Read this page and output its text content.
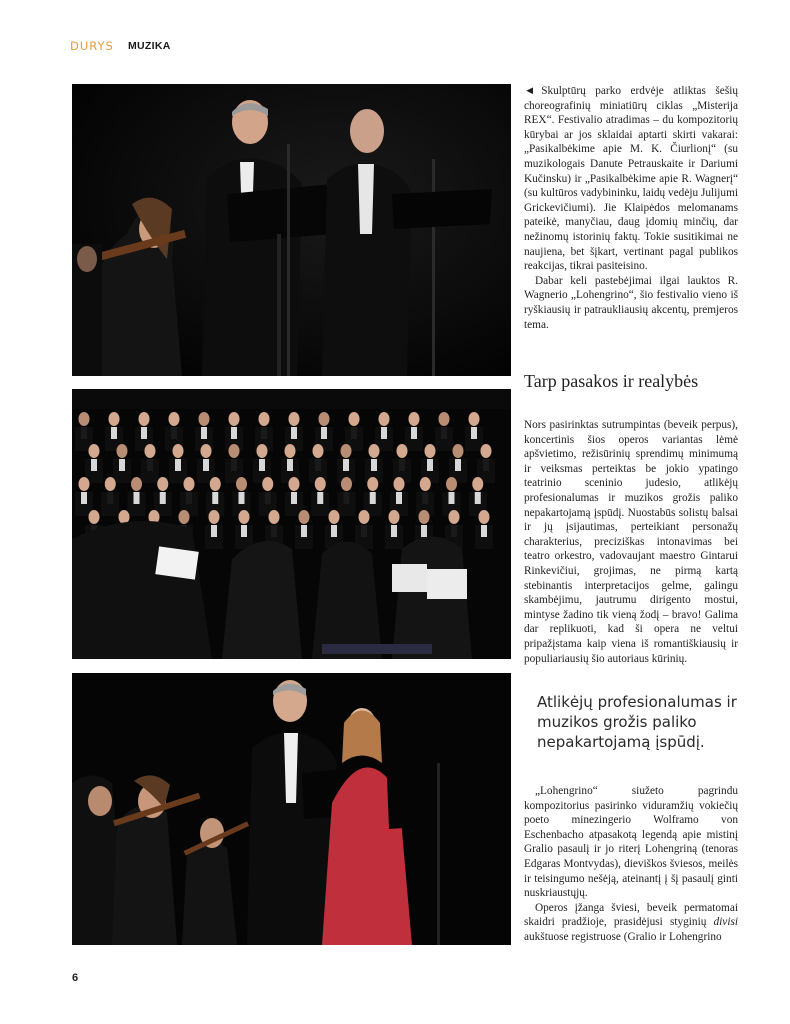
DURYS MUZIKA

◄ Skulptūrų parko erdvėje atliktas šešių choreografinių miniatiūrų ciklas „Misterija REX“. Festivalio atradimas – du kompozitorių kūrybai ar jos sklaidai aptarti skirti vakarai: „Pasikalbėkime apie M. K. Čiurlionį“ (su muzikologais Danute Petrauskaite ir Dariumi Kučinsku) ir „Pasikalbėkime apie R. Wagnerį“ (su kultūros vadybininku, laidų vedėju Julijumi Grickevičiumi). Jie Klaipėdos melomanams pateikė, manyčiau, daug įdomių minčių, dar nežinomų istorinių faktų. Tokie susitikimai ne naujiena, bet šįkart, vertinant pagal publikos reakcijas, tikrai pasiteisino.

Dabar keli pastebėjimai ilgai lauktos R. Wagnerio „Lohengrino“, šio festivalio vieno iš ryškiausių ir patraukliausių akcentų, premjeros tema.

Tarp pasakos ir realybės

Nors pasirinktas sutrumpintas (beveik perpus), koncertinis šios operos variantas lėmė apšvietimo, režisūrinių sprendimų minimumą ir veiksmas perteiktas be jokio ypatingo teatrinio sceninio judesio, atlikėjų profesionalumas ir muzikos grožis paliko nepakartojamą įspūdį. Nuostabūs solistų balsai ir jų įsijautimas, perteikiant personažų charakterius, preciziškas intonavimas bei teatro orkestro, vadovaujant maestro Gintarui Rinkevičiui, grojimas, ne pirmą kartą stebinantis interpretacijos gelme, galingu skambėjimu, jautrumu dirigento mostui, mintyse žadino tik vieną žodį – bravo! Galima dar replikuoti, kad ši opera ne veltui pripažįstama kaip viena iš romantiškiausių ir populiariausių šio autoriaus kūrinių.

Atlikėjų profesionalumas ir muzikos grožis paliko nepakartojamą įspūdį.

„Lohengrino“ siužeto pagrindu kompozitorius pasirinko viduramžių vokiečių poeto minezingerio Wolframo von Eschenbacho atpasakotą legendą apie mistinį Gralio pasaulį ir jo riterį Lohengriną (tenoras Edgaras Montvydas), dieviškos šviesos, meilės ir teisingumo nešėją, ateinantį į šį pasaulį ginti nuskriaustųjų.

Operos įžanga šviesi, beveik permatomai skaidri pradžioje, prasidėjusi styginių divisi aukštuose registruose (Gralio ir Lohengrino

6
